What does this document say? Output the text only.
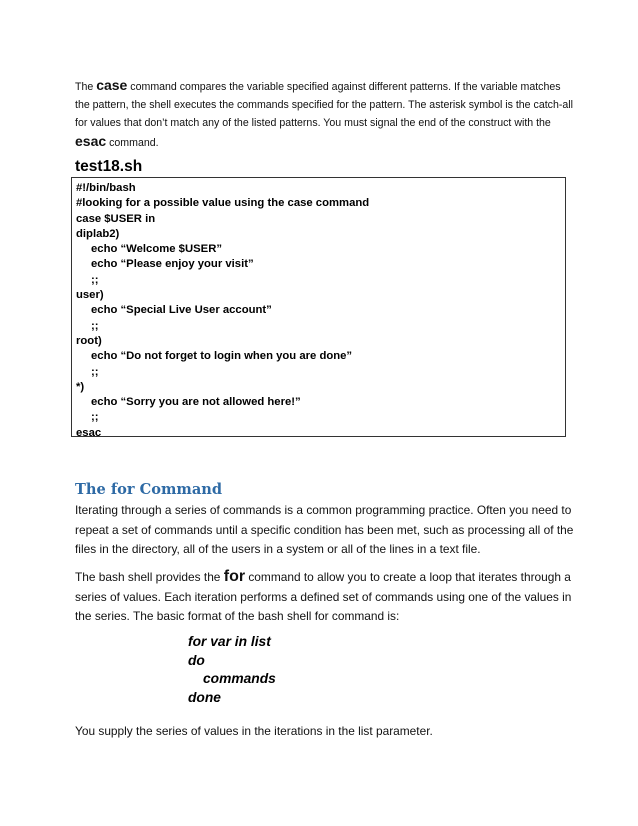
The case command compares the variable specified against different patterns. If the variable matches the pattern, the shell executes the commands specified for the pattern. The asterisk symbol is the catch-all for values that don’t match any of the listed patterns. You must signal the end of the construct with the esac command.
test18.sh
#!/bin/bash
#looking for a possible value using the case command
case $USER in
diplab2)
echo “Welcome $USER”
echo “Please enjoy your visit”
;;
user)
echo “Special Live User account”
;;
root)
echo “Do not forget to login when you are done”
;;
*)
echo “Sorry you are not allowed here!”
;;
esac
The for Command
Iterating through a series of commands is a common programming practice. Often you need to repeat a set of commands until a specific condition has been met, such as processing all of the files in the directory, all of the users in a system or all of the lines in a text file.
The bash shell provides the for command to allow you to create a loop that iterates through a series of values. Each iteration performs a defined set of commands using one of the values in the series. The basic format of the bash shell for command is:
for var in list
do
commands
done
You supply the series of values in the iterations in the list parameter.
